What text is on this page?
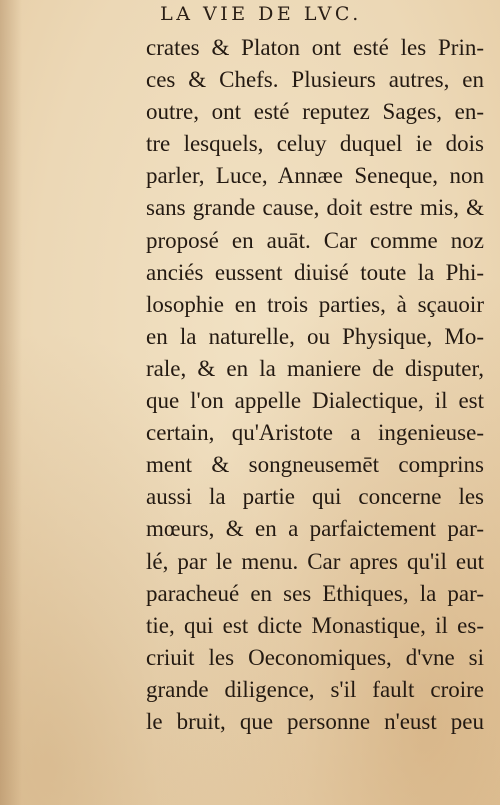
LA VIE DE LVC.
crates & Platon ont esté les Prin-
ces & Chefs. Plusieurs autres, en
outre, ont esté reputez Sages, en-
tre lesquels, celuy duquel ie dois
parler, Luce, Annæe Seneque, non
sans grande cause, doit estre mis, &
proposé en auāt. Car comme noz
anciés eussent diuisé toute la Phi-
losophie en trois parties, à sçauoir
en la naturelle, ou Physique, Mo-
rale, & en la maniere de disputer,
que l'on appelle Dialectique, il est
certain, qu'Aristote a ingenieuse-
ment & songneusemēt comprins
aussi la partie qui concerne les
mœurs, & en a parfaictement par-
lé, par le menu. Car apres qu'il eut
paracheué en ses Ethiques, la par-
tie, qui est dicte Monastique, il es-
criuit les Oeconomiques, d'vne si
grande diligence, s'il fault croire
le bruit, que personne n'eust peu
